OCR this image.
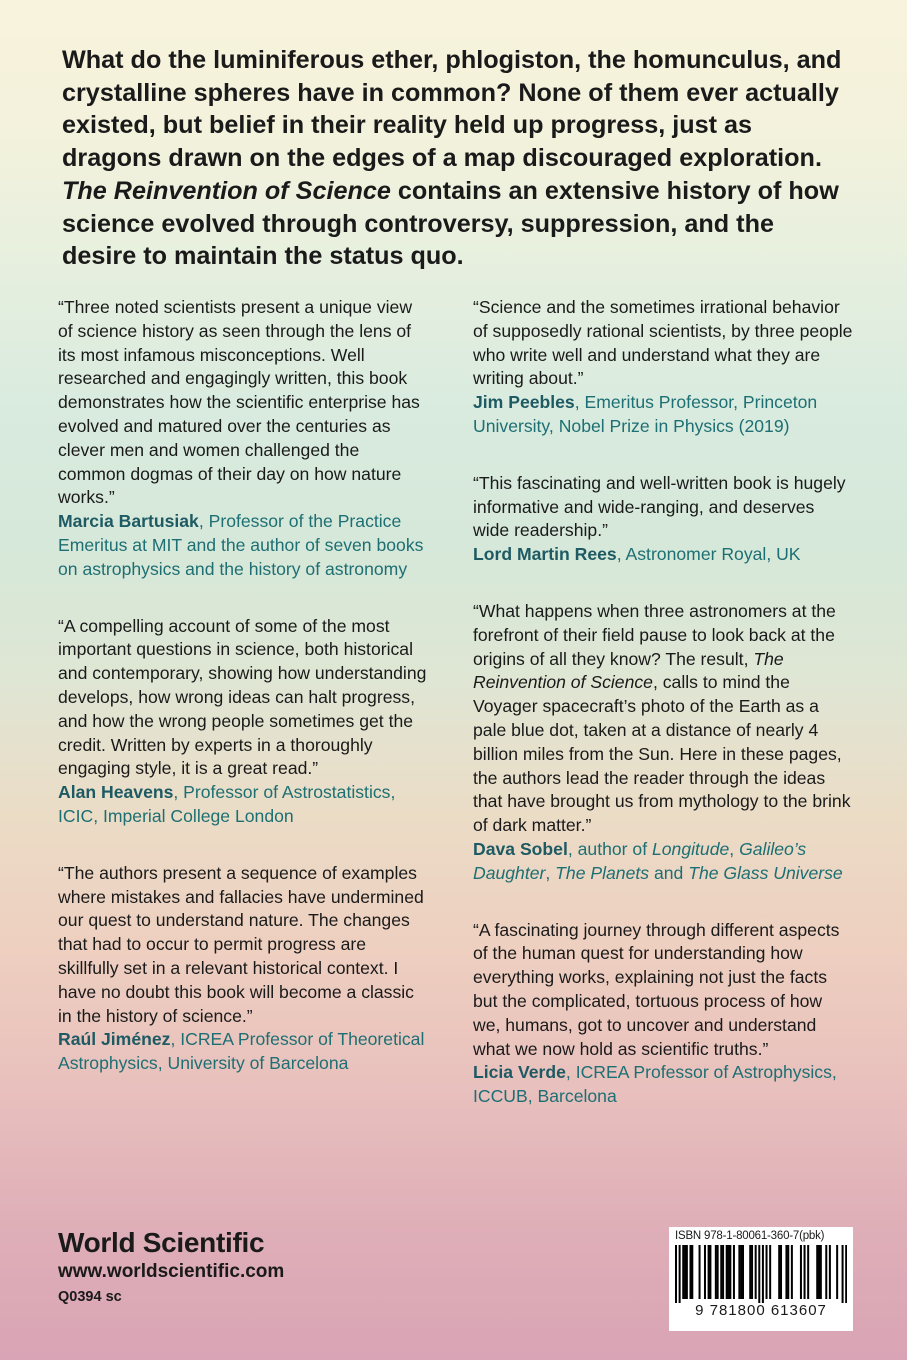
What do the luminiferous ether, phlogiston, the homunculus, and crystalline spheres have in common? None of them ever actually existed, but belief in their reality held up progress, just as dragons drawn on the edges of a map discouraged exploration. The Reinvention of Science contains an extensive history of how science evolved through controversy, suppression, and the desire to maintain the status quo.

“Three noted scientists present a unique view of science history as seen through the lens of its most infamous misconceptions. Well researched and engagingly written, this book demonstrates how the scientific enterprise has evolved and matured over the centuries as clever men and women challenged the common dogmas of their day on how nature works.”

Marcia Bartusiak, Professor of the Practice Emeritus at MIT and the author of seven books on astrophysics and the history of astronomy

“A compelling account of some of the most important questions in science, both historical and contemporary, showing how understanding develops, how wrong ideas can halt progress, and how the wrong people sometimes get the credit. Written by experts in a thoroughly engaging style, it is a great read.”

Alan Heavens, Professor of Astrostatistics, ICIC, Imperial College London

“The authors present a sequence of examples where mistakes and fallacies have undermined our quest to understand nature. The changes that had to occur to permit progress are skillfully set in a relevant historical context. I have no doubt this book will become a classic in the history of science.”

Raúl Jiménez, ICREA Professor of Theoretical Astrophysics, University of Barcelona

“Science and the sometimes irrational behavior of supposedly rational scientists, by three people who write well and understand what they are writing about.”

Jim Peebles, Emeritus Professor, Princeton University, Nobel Prize in Physics (2019)

“This fascinating and well-written book is hugely informative and wide-ranging, and deserves wide readership.”

Lord Martin Rees, Astronomer Royal, UK

“What happens when three astronomers at the forefront of their field pause to look back at the origins of all they know? The result, The Reinvention of Science, calls to mind the Voyager spacecraft’s photo of the Earth as a pale blue dot, taken at a distance of nearly 4 billion miles from the Sun. Here in these pages, the authors lead the reader through the ideas that have brought us from mythology to the brink of dark matter.”

Dava Sobel, author of Longitude, Galileo’s Daughter, The Planets and The Glass Universe

“A fascinating journey through different aspects of the human quest for understanding how everything works, explaining not just the facts but the complicated, tortuous process of how we, humans, got to uncover and understand what we now hold as scientific truths.”

Licia Verde, ICREA Professor of Astrophysics, ICCUB, Barcelona

World Scientific
www.worldscientific.com
Q0394 sc
ISBN 978-1-80061-360-7(pbk)
9 781800 613607
